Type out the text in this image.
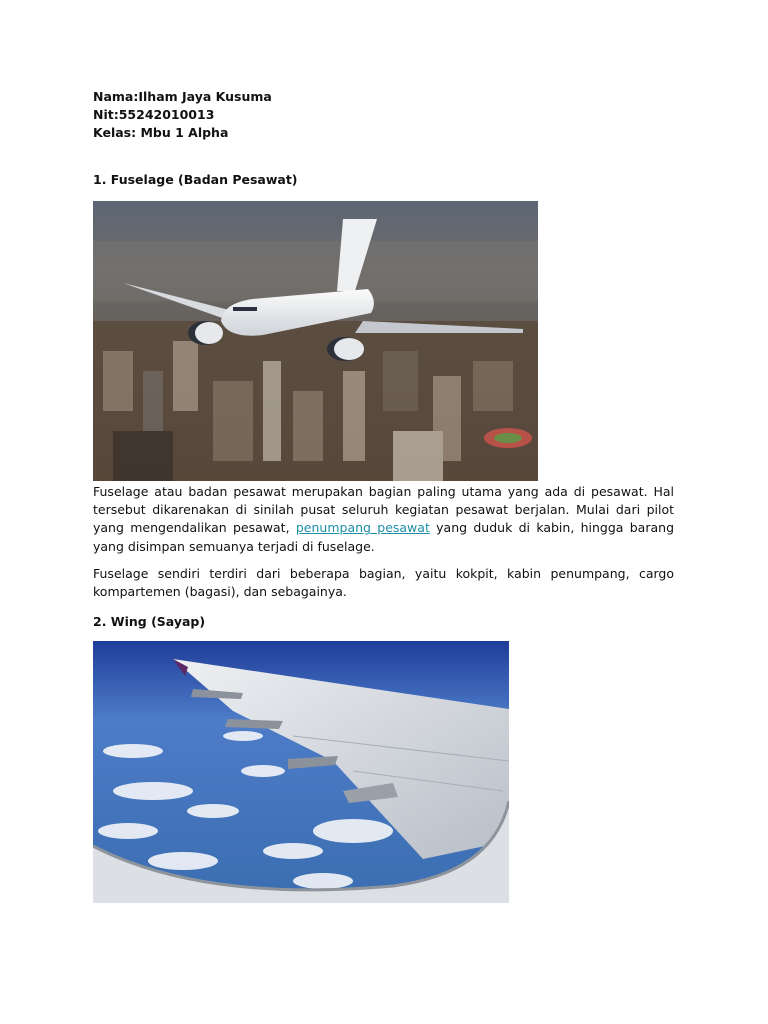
Nama:Ilham Jaya Kusuma
Nit:55242010013
Kelas: Mbu 1 Alpha
1. Fuselage (Badan Pesawat)
Fuselage atau badan pesawat merupakan bagian paling utama yang ada di pesawat. Hal tersebut dikarenakan di sinilah pusat seluruh kegiatan pesawat berjalan. Mulai dari pilot yang mengendalikan pesawat, penumpang pesawat yang duduk di kabin, hingga barang yang disimpan semuanya terjadi di fuselage.
Fuselage sendiri terdiri dari beberapa bagian, yaitu kokpit, kabin penumpang, cargo kompartemen (bagasi), dan sebagainya.
2. Wing (Sayap)
